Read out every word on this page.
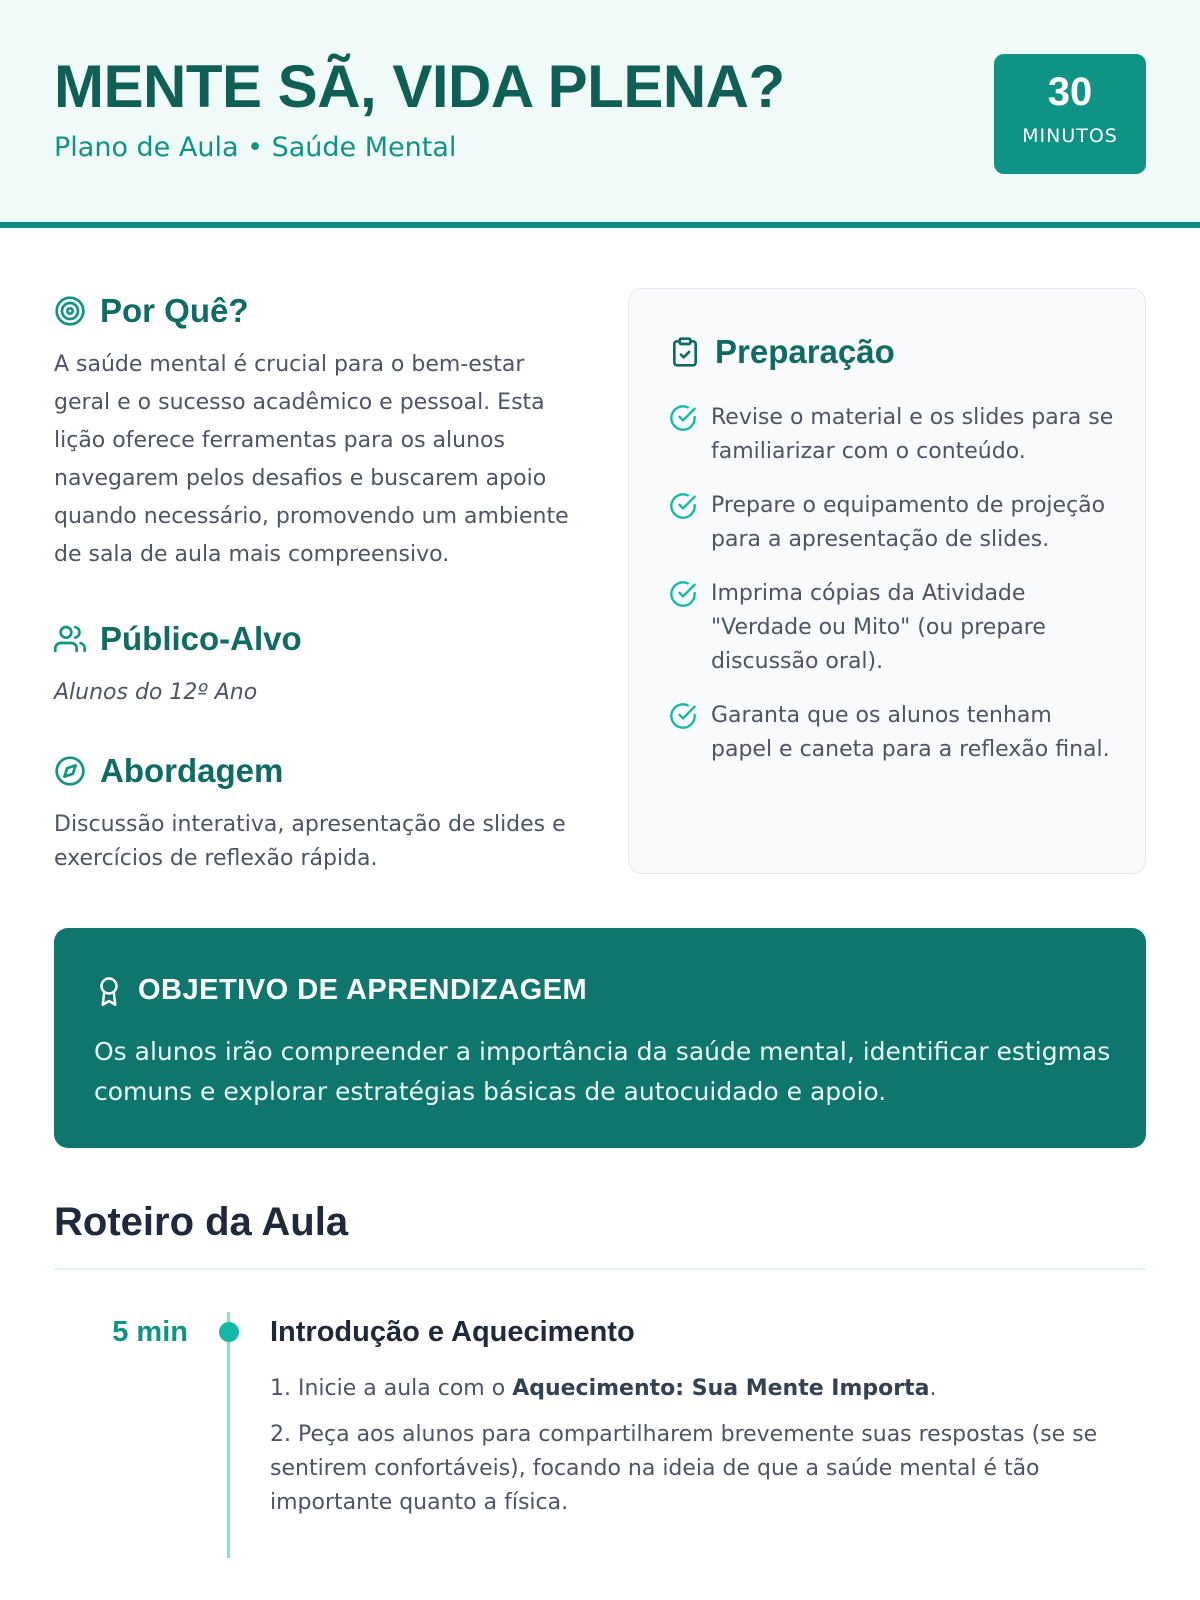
MENTE SÃ, VIDA PLENA?
Plano de Aula • Saúde Mental
30
MINUTOS
Por Quê?

A saúde mental é crucial para o bem-estar geral e o sucesso acadêmico e pessoal. Esta lição oferece ferramentas para os alunos navegarem pelos desafios e buscarem apoio quando necessário, promovendo um ambiente de sala de aula mais compreensivo.

Público-Alvo

Alunos do 12º Ano

Abordagem

Discussão interativa, apresentação de slides e exercícios de reflexão rápida.

Preparação
Revise o material e os slides para se familiarizar com o conteúdo.
Prepare o equipamento de projeção para a apresentação de slides.
Imprima cópias da Atividade "Verdade ou Mito" (ou prepare discussão oral).
Garanta que os alunos tenham papel e caneta para a reflexão final.
OBJETIVO DE APRENDIZAGEM

Os alunos irão compreender a importância da saúde mental, identificar estigmas comuns e explorar estratégias básicas de autocuidado e apoio.

Roteiro da Aula
5 min	Introdução e Aquecimento
1. Inicie a aula com o Aquecimento: Sua Mente Importa.
2. Peça aos alunos para compartilharem brevemente suas respostas (se se sentirem confortáveis), focando na ideia de que a saúde mental é tão importante quanto a física.
